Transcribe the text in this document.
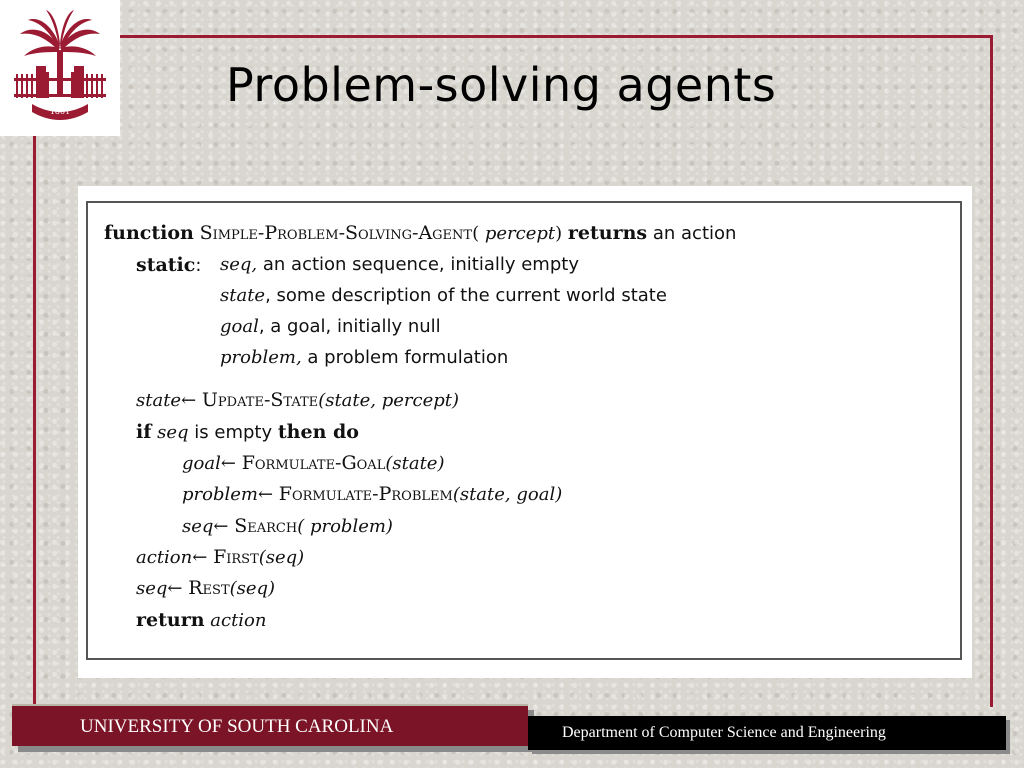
1801	Problem-solving agents
function Simple-Problem-Solving-Agent( percept) returns an action
static: seq, an action sequence, initially empty
state, some description of the current world state
goal, a goal, initially null
problem, a problem formulation
state← Update-State(state, percept)
if seq is empty then do
goal← Formulate-Goal(state)
problem← Formulate-Problem(state, goal)
seq← Search( problem)
action← First(seq)
seq← Rest(seq)
return action
UNIVERSITY OF SOUTH CAROLINA	Department of Computer Science and Engineering
